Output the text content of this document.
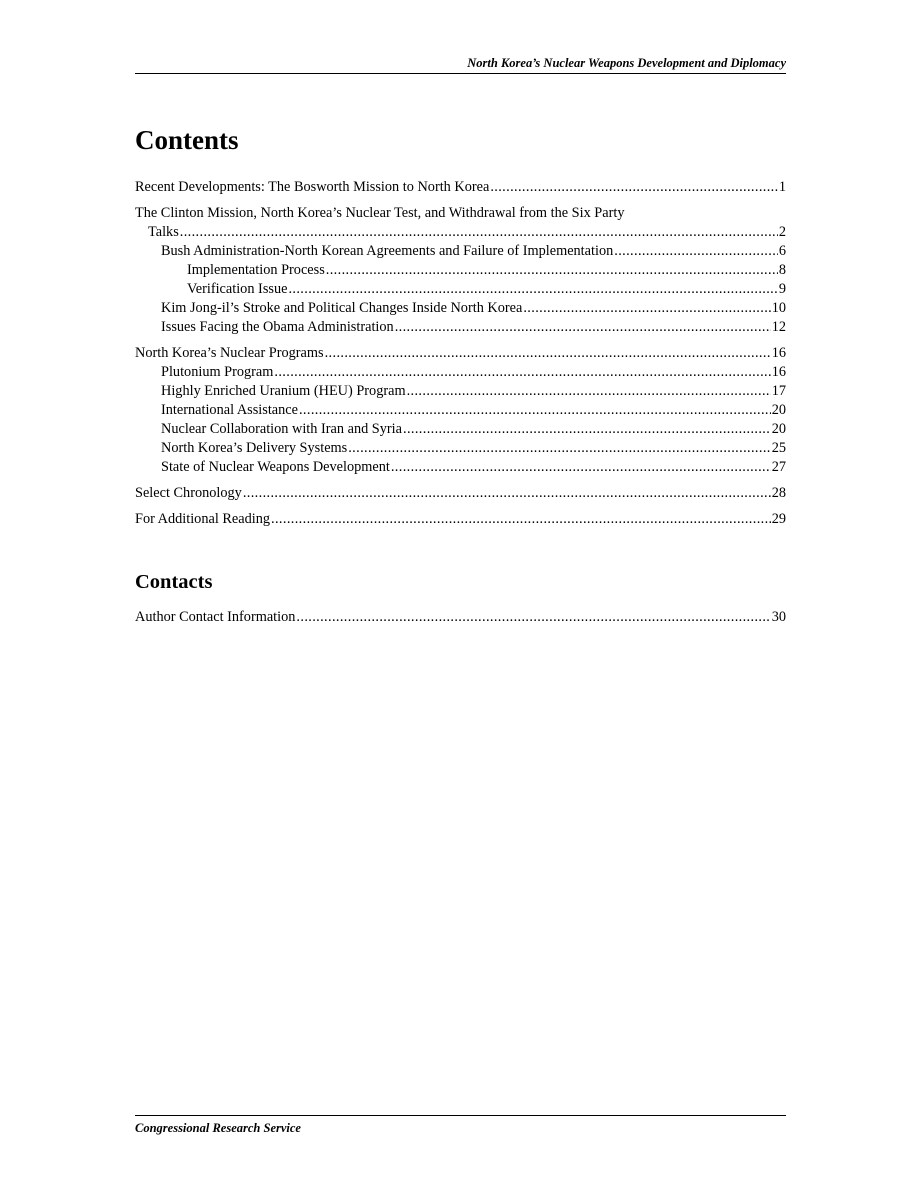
North Korea’s Nuclear Weapons Development and Diplomacy
Contents
Recent Developments: The Bosworth Mission to North Korea . . .	1
The Clinton Mission, North Korea’s Nuclear Test, and Withdrawal from the Six Party
Talks . . .	2
Bush Administration-North Korean Agreements and Failure of Implementation . . .	6
Implementation Process . . .	8
Verification Issue . . .	9
Kim Jong-il’s Stroke and Political Changes Inside North Korea . . .	10
Issues Facing the Obama Administration . . .	12
North Korea’s Nuclear Programs . . .	16
Plutonium Program . . .	16
Highly Enriched Uranium (HEU) Program . . .	17
International Assistance . . .	20
Nuclear Collaboration with Iran and Syria . . .	20
North Korea’s Delivery Systems . . .	25
State of Nuclear Weapons Development . . .	27
Select Chronology . . .	28
For Additional Reading . . .	29
Contacts
Author Contact Information . . .	30
Congressional Research Service
